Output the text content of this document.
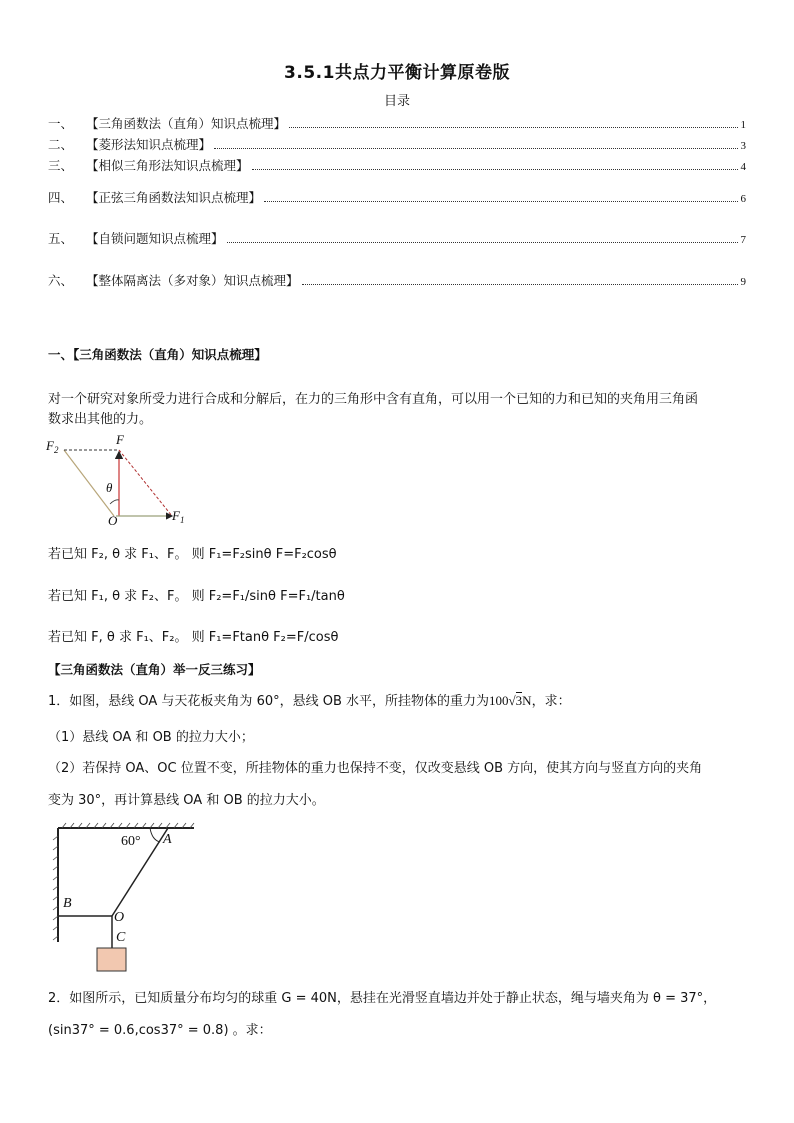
3.5.1共点力平衡计算原卷版
目录
一、	【三角函数法（直角）知识点梳理】	1
二、	【菱形法知识点梳理】	3
三、	【相似三角形法知识点梳理】	4
四、	【正弦三角函数法知识点梳理】	6
五、	【自锁问题知识点梳理】	7
六、	【整体隔离法（多对象）知识点梳理】	9
一、【三角函数法（直角）知识点梳理】
对一个研究对象所受力进行合成和分解后，在力的三角形中含有直角，可以用一个已知的力和已知的夹角用三角函
数求出其他的力。
$F_2$
F
θ
O	$F_1$
若已知 F₂, θ 求 F₁、F。 则 F₁=F₂sinθ F=F₂cosθ
若已知 F₁, θ 求 F₂、F。 则 F₂=F₁/sinθ F=F₁/tanθ
若已知 F, θ 求 F₁、F₂。 则 F₁=Ftanθ F₂=F/cosθ
【三角函数法（直角）举一反三练习】
1．如图，悬线 OA 与天花板夹角为 60°，悬线 OB 水平，所挂物体的重力为100√3N，求：
（1）悬线 OA 和 OB 的拉力大小；
（2）若保持 OA、OC 位置不变，所挂物体的重力也保持不变，仅改变悬线 OB 方向，使其方向与竖直方向的夹角
变为 30°，再计算悬线 OA 和 OB 的拉力大小。
60° A
B
O
C
2．如图所示，已知质量分布均匀的球重 G = 40N，悬挂在光滑竖直墙边并处于静止状态，绳与墙夹角为 θ = 37°，
(sin37° = 0.6,cos37° = 0.8) 。求：
